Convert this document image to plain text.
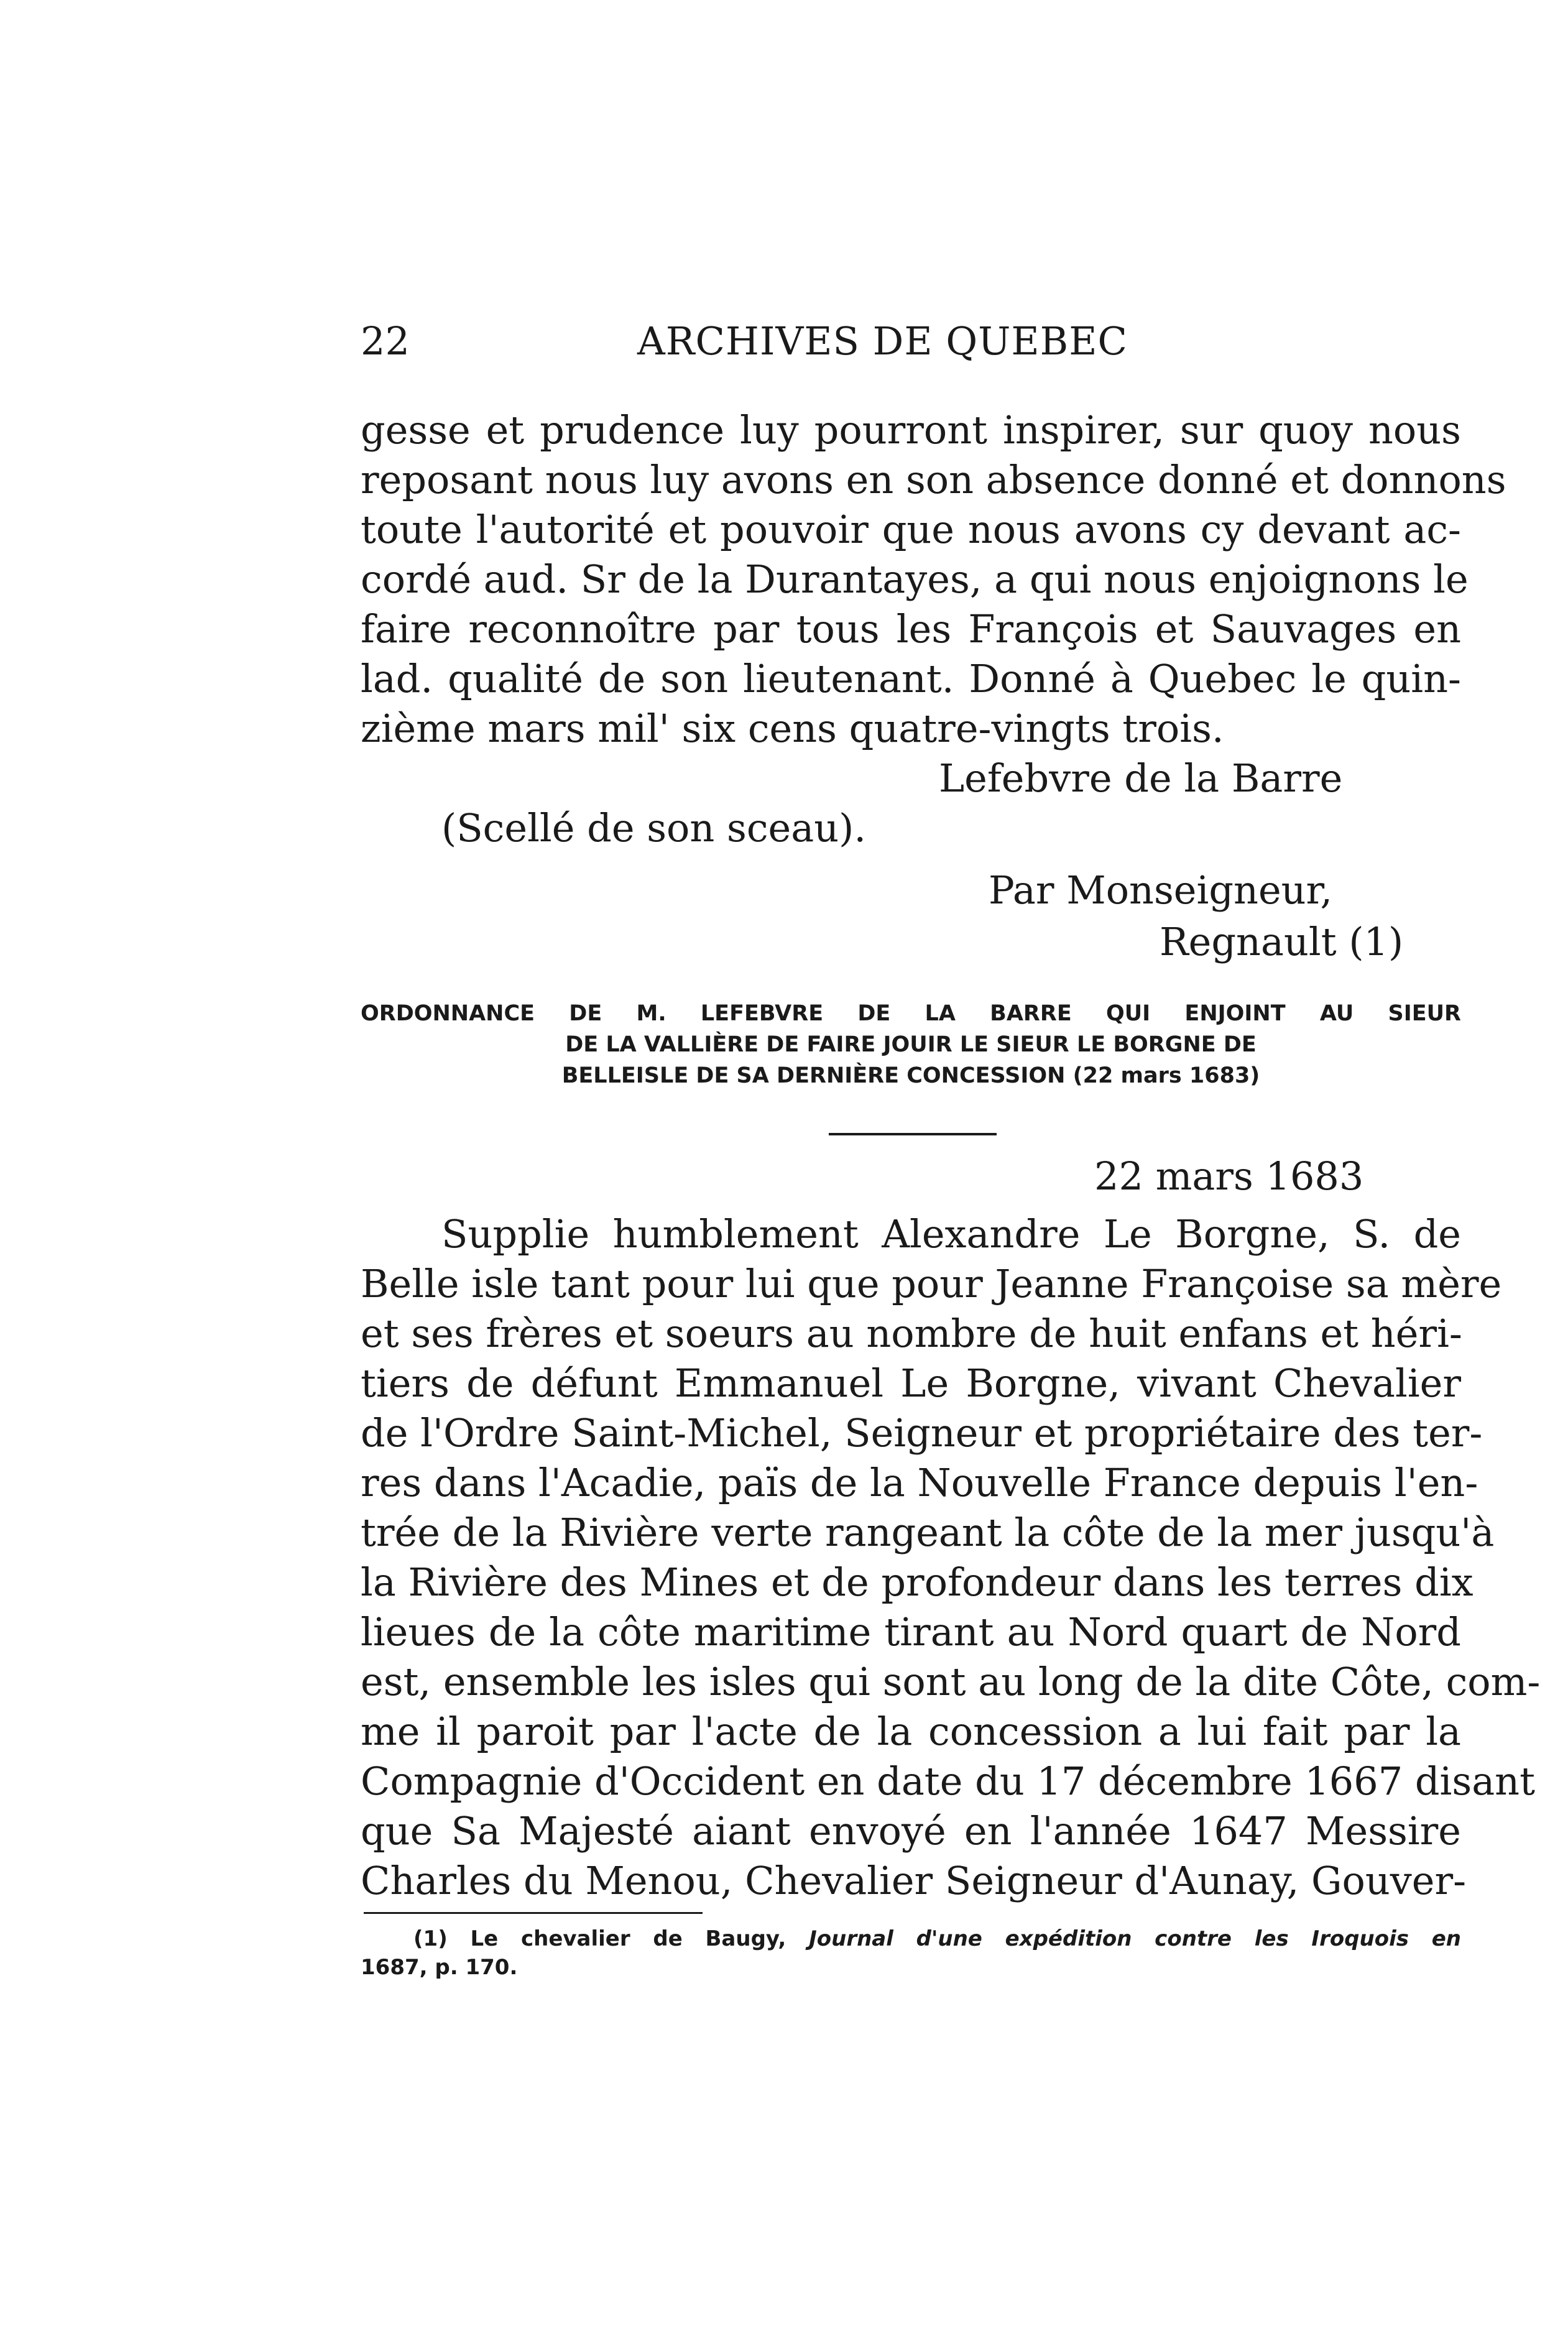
22	ARCHIVES DE QUEBEC
gesse et prudence luy pourront inspirer, sur quoy nous
reposant nous luy avons en son absence donné et donnons
toute l'autorité et pouvoir que nous avons cy devant ac-
cordé aud. Sr de la Durantayes, a qui nous enjoignons le
faire reconnoître par tous les François et Sauvages en
lad. qualité de son lieutenant. Donné à Quebec le quin-
zième mars mil' six cens quatre-vingts trois.
Lefebvre de la Barre
(Scellé de son sceau).
Par Monseigneur,
Regnault (1)
ORDONNANCE DE M. LEFEBVRE DE LA BARRE QUI ENJOINT AU SIEUR
DE LA VALLIÈRE DE FAIRE JOUIR LE SIEUR LE BORGNE DE
BELLEISLE DE SA DERNIÈRE CONCESSION (22 mars 1683)
22 mars 1683
Supplie humblement Alexandre Le Borgne, S. de
Belle isle tant pour lui que pour Jeanne Françoise sa mère
et ses frères et soeurs au nombre de huit enfans et héri-
tiers de défunt Emmanuel Le Borgne, vivant Chevalier
de l'Ordre Saint-Michel, Seigneur et propriétaire des ter-
res dans l'Acadie, païs de la Nouvelle France depuis l'en-
trée de la Rivière verte rangeant la côte de la mer jusqu'à
la Rivière des Mines et de profondeur dans les terres dix
lieues de la côte maritime tirant au Nord quart de Nord
est, ensemble les isles qui sont au long de la dite Côte, com-
me il paroit par l'acte de la concession a lui fait par la
Compagnie d'Occident en date du 17 décembre 1667 disant
que Sa Majesté aiant envoyé en l'année 1647 Messire
Charles du Menou, Chevalier Seigneur d'Aunay, Gouver-
(1) Le chevalier de Baugy, Journal d'une expédition contre les Iroquois en
1687, p. 170.
